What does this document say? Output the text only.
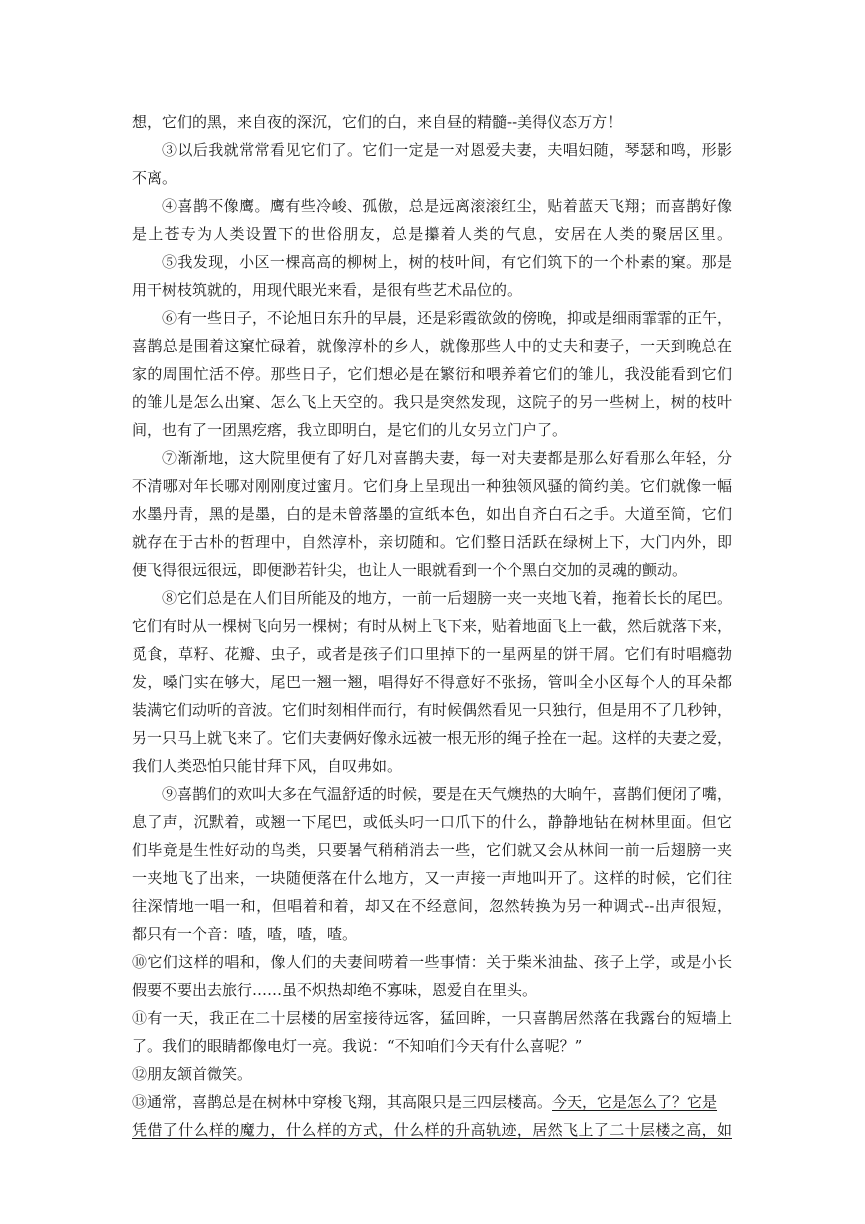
想，它们的黑，来自夜的深沉，它们的白，来自昼的精髓--美得仪态万方！
③以后我就常常看见它们了。它们一定是一对恩爱夫妻，夫唱妇随，琴瑟和鸣，形影
不离。
④喜鹊不像鹰。鹰有些冷峻、孤傲，总是远离滚滚红尘，贴着蓝天飞翔；而喜鹊好像
是上苍专为人类设置下的世俗朋友，总是攥着人类的气息，安居在人类的聚居区里。
⑤我发现，小区一棵高高的柳树上，树的枝叶间，有它们筑下的一个朴素的窠。那是
用干树枝筑就的，用现代眼光来看，是很有些艺术品位的。
⑥有一些日子，不论旭日东升的早晨，还是彩霞欲敛的傍晚，抑或是细雨霏霏的正午，
喜鹊总是围着这窠忙碌着，就像淳朴的乡人，就像那些人中的丈夫和妻子，一天到晚总在
家的周围忙活不停。那些日子，它们想必是在繁衍和喂养着它们的雏儿，我没能看到它们
的雏儿是怎么出窠、怎么飞上天空的。我只是突然发现，这院子的另一些树上，树的枝叶
间，也有了一团黑疙瘩，我立即明白，是它们的儿女另立门户了。
⑦渐渐地，这大院里便有了好几对喜鹊夫妻，每一对夫妻都是那么好看那么年轻，分
不清哪对年长哪对刚刚度过蜜月。它们身上呈现出一种独领风骚的简约美。它们就像一幅
水墨丹青，黑的是墨，白的是未曾落墨的宣纸本色，如出自齐白石之手。大道至简，它们
就存在于古朴的哲理中，自然淳朴，亲切随和。它们整日活跃在绿树上下，大门内外，即
便飞得很远很远，即便渺若针尖，也让人一眼就看到一个个黑白交加的灵魂的颤动。
⑧它们总是在人们目所能及的地方，一前一后翅膀一夹一夹地飞着，拖着长长的尾巴。
它们有时从一棵树飞向另一棵树；有时从树上飞下来，贴着地面飞上一截，然后就落下来，
觅食，草籽、花瓣、虫子，或者是孩子们口里掉下的一星两星的饼干屑。它们有时唱瘾勃
发，嗓门实在够大，尾巴一翘一翘，唱得好不得意好不张扬，管叫全小区每个人的耳朵都
装满它们动听的音波。它们时刻相伴而行，有时候偶然看见一只独行，但是用不了几秒钟，
另一只马上就飞来了。它们夫妻俩好像永远被一根无形的绳子拴在一起。这样的夫妻之爱，
我们人类恐怕只能甘拜下风，自叹弗如。
⑨喜鹊们的欢叫大多在气温舒适的时候，要是在天气燠热的大晌午，喜鹊们便闭了嘴，
息了声，沉默着，或翘一下尾巴，或低头叼一口爪下的什么，静静地钻在树林里面。但它
们毕竟是生性好动的鸟类，只要暑气稍稍消去一些，它们就又会从林间一前一后翅膀一夹
一夹地飞了出来，一块随便落在什么地方，又一声接一声地叫开了。这样的时候，它们往
往深情地一唱一和，但唱着和着，却又在不经意间，忽然转换为另一种调式--出声很短，
都只有一个音：喳，喳，喳，喳。
⑩它们这样的唱和，像人们的夫妻间唠着一些事情：关于柴米油盐、孩子上学，或是小长
假要不要出去旅行……虽不炽热却绝不寡味，恩爱自在里头。
⑪有一天，我正在二十层楼的居室接待远客，猛回眸，一只喜鹊居然落在我露台的短墙上
了。我们的眼睛都像电灯一亮。我说：“不知咱们今天有什么喜呢？”
⑫朋友颔首微笑。
⑬通常，喜鹊总是在树林中穿梭飞翔，其高限只是三四层楼高。今天，它是怎么了？它是
凭借了什么样的魔力，什么样的方式，什么样的升高轨迹，居然飞上了二十层楼之高，如
